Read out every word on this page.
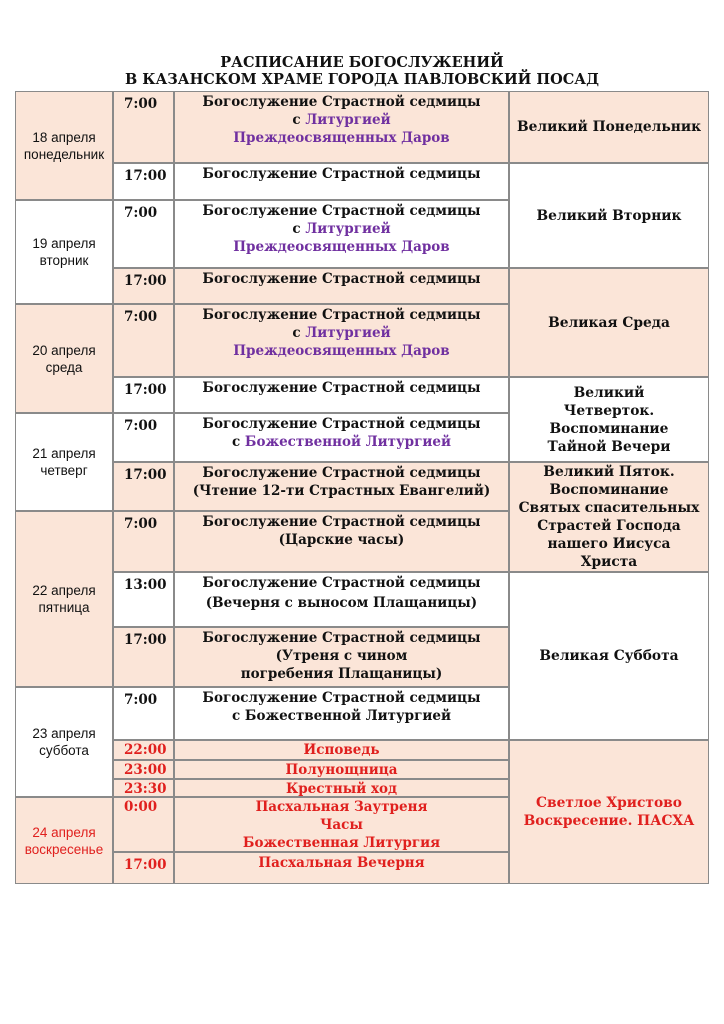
РАСПИСАНИЕ БОГОСЛУЖЕНИЙ
В КАЗАНСКОМ ХРАМЕ ГОРОДА ПАВЛОВСКИЙ ПОСАД
18 апреля
понедельник
19 апреля
вторник
20 апреля
среда
21 апреля
четверг
22 апреля
пятница
23 апреля
суббота
24 апреля
воскресенье
7:00
17:00
7:00
17:00
7:00
17:00
7:00
17:00
7:00
13:00
17:00
7:00
22:00
23:00
23:30
0:00
17:00
Богослужение Страстной седмицы
с Литургией
Преждеосвященных Даров
Богослужение Страстной седмицы
Богослужение Страстной седмицы
с Литургией
Преждеосвященных Даров
Богослужение Страстной седмицы
Богослужение Страстной седмицы
с Литургией
Преждеосвященных Даров
Богослужение Страстной седмицы
Богослужение Страстной седмицы
с Божественной Литургией
Богослужение Страстной седмицы
(Чтение 12-ти Страстных Евангелий)
Богослужение Страстной седмицы
(Царские часы)
Богослужение Страстной седмицы
(Вечерня с выносом Плащаницы)
Богослужение Страстной седмицы
(Утреня с чином
погребения Плащаницы)
Богослужение Страстной седмицы
с Божественной Литургией
Исповедь
Полунощница
Крестный ход
Пасхальная Заутреня
Часы
Божественная Литургия
Пасхальная Вечерня
Великий Понедельник
Великий Вторник
Великая Среда
Великий
Четверток.
Воспоминание
Тайной Вечери
Великий Пяток.
Воспоминание
Святых спасительных
Страстей Господа
нашего Иисуса
Христа
Великая Суббота
Светлое Христово
Воскресение. ПАСХА
